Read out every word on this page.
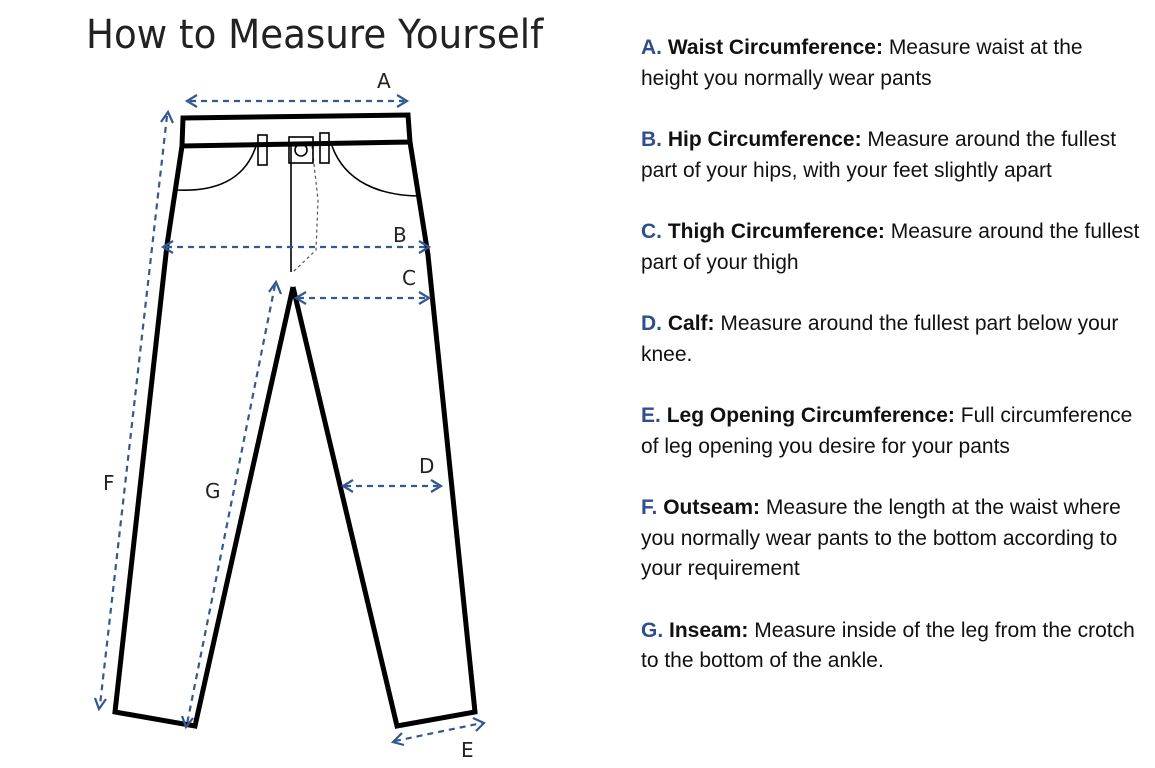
How to Measure Yourself
A
B
C
D
E
F	G
A. Waist Circumference: Measure waist at the height you normally wear pants
B. Hip Circumference: Measure around the fullest part of your hips, with your feet slightly apart
C. Thigh Circumference: Measure around the fullest part of your thigh
D. Calf: Measure around the fullest part below your knee.
E. Leg Opening Circumference: Full circumference of leg opening you desire for your pants
F. Outseam: Measure the length at the waist where you normally wear pants to the bottom according to your requirement
G. Inseam: Measure inside of the leg from the crotch to the bottom of the ankle.
